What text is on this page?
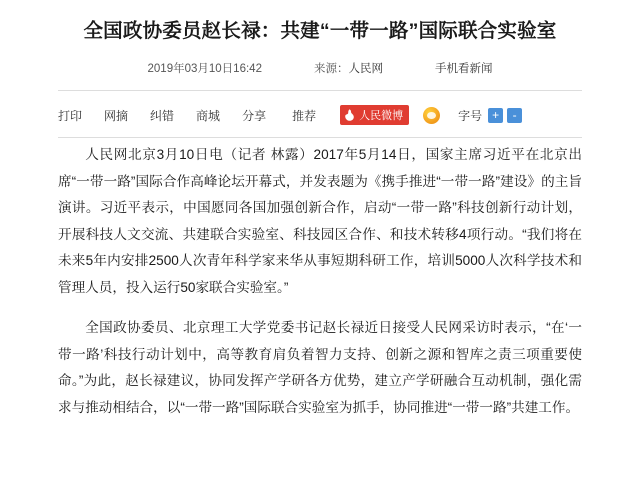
全国政协委员赵长禄：共建“一带一路”国际联合实验室
2019年03月10日16:42	来源：人民网	手机看新闻
打印 网摘 纠错 商城 分享 推荐	人民微博	字号 +	-

人民网北京3月10日电（记者 林露）2017年5月14日，国家主席习近平在北京出席“一带一路”国际合作高峰论坛开幕式，并发表题为《携手推进“一带一路”建设》的主旨演讲。习近平表示，中国愿同各国加强创新合作，启动“一带一路”科技创新行动计划，开展科技人文交流、共建联合实验室、科技园区合作、和技术转移4项行动。“我们将在未来5年内安排2500人次青年科学家来华从事短期科研工作，培训5000人次科学技术和管理人员，投入运行50家联合实验室。”

全国政协委员、北京理工大学党委书记赵长禄近日接受人民网采访时表示，“在‘一带一路’科技行动计划中，高等教育肩负着智力支持、创新之源和智库之责三项重要使命。”为此，赵长禄建议，协同发挥产学研各方优势，建立产学研融合互动机制，强化需求与推动相结合，以“一带一路”国际联合实验室为抓手，协同推进“一带一路”共建工作。
